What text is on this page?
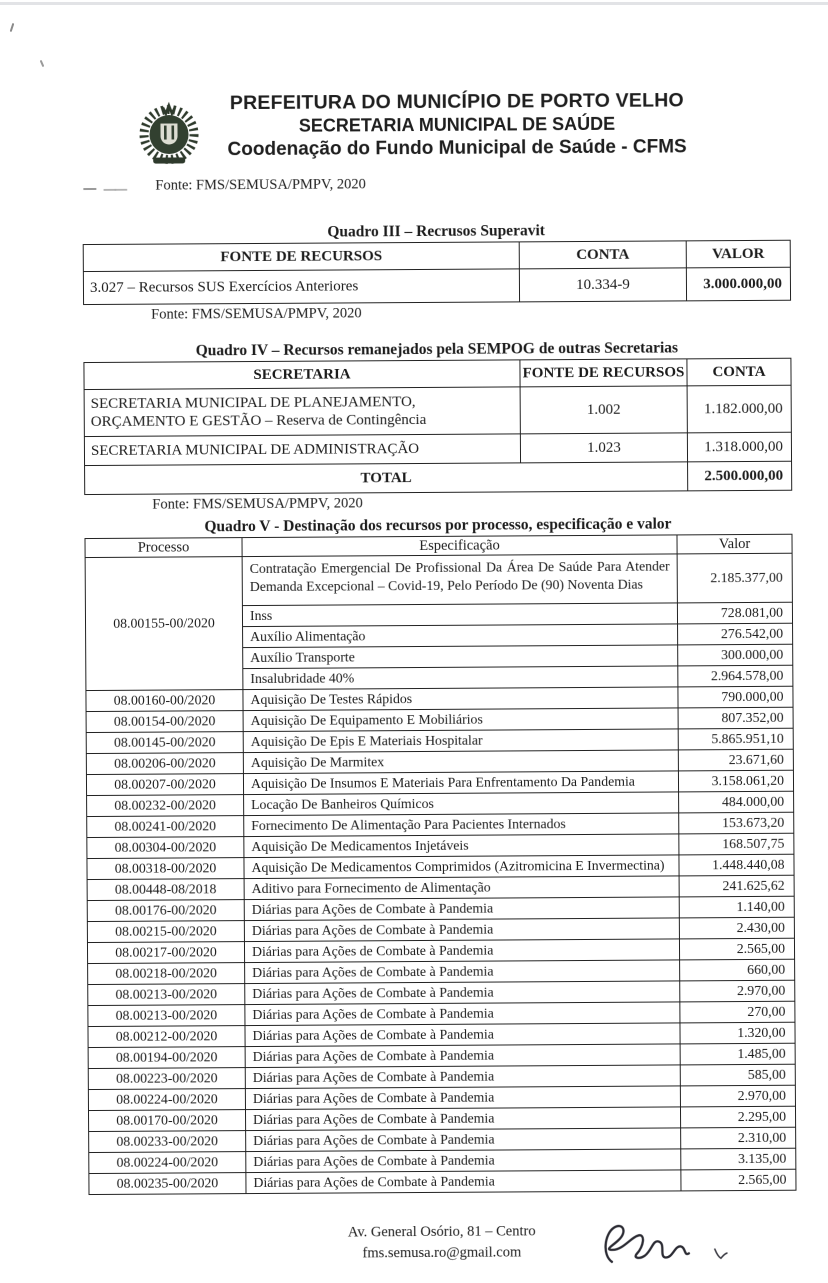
PREFEITURA DO MUNICÍPIO DE PORTO VELHO
SECRETARIA MUNICIPAL DE SAÚDE
Coodenação do Fundo Municipal de Saúde - CFMS
Fonte: FMS/SEMUSA/PMPV, 2020
Quadro III – Recrusos Superavit
FONTE DE RECURSOS	CONTA	VALOR
3.027 – Recursos SUS Exercícios Anteriores	10.334-9	3.000.000,00
Fonte: FMS/SEMUSA/PMPV, 2020
Quadro IV – Recursos remanejados pela SEMPOG de outras Secretarias
SECRETARIA	FONTE DE RECURSOS	CONTA
SECRETARIA MUNICIPAL DE PLANEJAMENTO, ORÇAMENTO E GESTÃO – Reserva de Contingência	1.002	1.182.000,00
SECRETARIA MUNICIPAL DE ADMINISTRAÇÃO	1.023	1.318.000,00
TOTAL		2.500.000,00
Fonte: FMS/SEMUSA/PMPV, 2020
Quadro V - Destinação dos recursos por processo, especificação e valor
Processo	Especificação	Valor
08.00155-00/2020	Contratação Emergencial De Profissional Da Área De Saúde Para Atender Demanda Excepcional – Covid-19, Pelo Período De (90) Noventa Dias	2.185.377,00
	Inss	728.081,00
	Auxílio Alimentação	276.542,00
	Auxílio Transporte	300.000,00
	Insalubridade 40%	2.964.578,00
08.00160-00/2020	Aquisição De Testes Rápidos	790.000,00
08.00154-00/2020	Aquisição De Equipamento E Mobiliários	807.352,00
08.00145-00/2020	Aquisição De Epis E Materiais Hospitalar	5.865.951,10
08.00206-00/2020	Aquisição De Marmitex	23.671,60
08.00207-00/2020	Aquisição De Insumos E Materiais Para Enfrentamento Da Pandemia	3.158.061,20
08.00232-00/2020	Locação De Banheiros Químicos	484.000,00
08.00241-00/2020	Fornecimento De Alimentação Para Pacientes Internados	153.673,20
08.00304-00/2020	Aquisição De Medicamentos Injetáveis	168.507,75
08.00318-00/2020	Aquisição De Medicamentos Comprimidos (Azitromicina E Invermectina)	1.448.440,08
08.00448-08/2018	Aditivo para Fornecimento de Alimentação	241.625,62
08.00176-00/2020	Diárias para Ações de Combate à Pandemia	1.140,00
08.00215-00/2020	Diárias para Ações de Combate à Pandemia	2.430,00
08.00217-00/2020	Diárias para Ações de Combate à Pandemia	2.565,00
08.00218-00/2020	Diárias para Ações de Combate à Pandemia	660,00
08.00213-00/2020	Diárias para Ações de Combate à Pandemia	2.970,00
08.00213-00/2020	Diárias para Ações de Combate à Pandemia	270,00
08.00212-00/2020	Diárias para Ações de Combate à Pandemia	1.320,00
08.00194-00/2020	Diárias para Ações de Combate à Pandemia	1.485,00
08.00223-00/2020	Diárias para Ações de Combate à Pandemia	585,00
08.00224-00/2020	Diárias para Ações de Combate à Pandemia	2.970,00
08.00170-00/2020	Diárias para Ações de Combate à Pandemia	2.295,00
08.00233-00/2020	Diárias para Ações de Combate à Pandemia	2.310,00
08.00224-00/2020	Diárias para Ações de Combate à Pandemia	3.135,00
08.00235-00/2020	Diárias para Ações de Combate à Pandemia	2.565,00
Av. General Osório, 81 – Centro
fms.semusa.ro@gmail.com
